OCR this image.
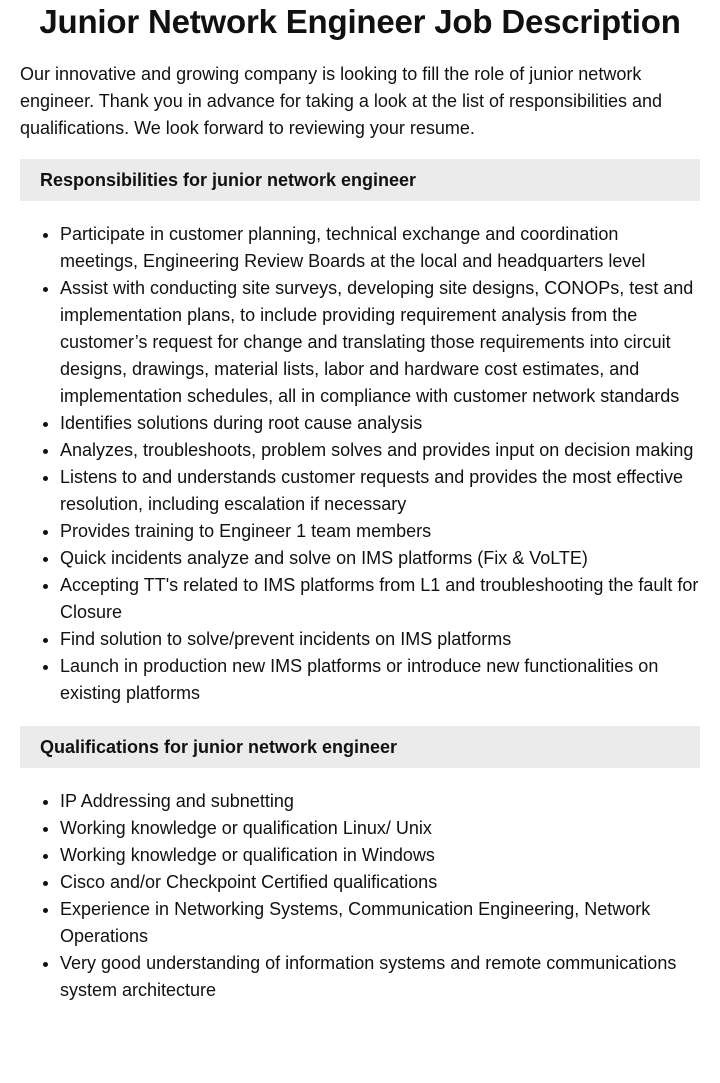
Junior Network Engineer Job Description

Our innovative and growing company is looking to fill the role of junior network engineer. Thank you in advance for taking a look at the list of responsibilities and qualifications. We look forward to reviewing your resume.

Responsibilities for junior network engineer
• Participate in customer planning, technical exchange and coordination meetings, Engineering Review Boards at the local and headquarters level
• Assist with conducting site surveys, developing site designs, CONOPs, test and implementation plans, to include providing requirement analysis from the customer’s request for change and translating those requirements into circuit designs, drawings, material lists, labor and hardware cost estimates, and implementation schedules, all in compliance with customer network standards
• Identifies solutions during root cause analysis
• Analyzes, troubleshoots, problem solves and provides input on decision making
• Listens to and understands customer requests and provides the most effective resolution, including escalation if necessary
• Provides training to Engineer 1 team members
• Quick incidents analyze and solve on IMS platforms (Fix & VoLTE)
• Accepting TT's related to IMS platforms from L1 and troubleshooting the fault for Closure
• Find solution to solve/prevent incidents on IMS platforms
• Launch in production new IMS platforms or introduce new functionalities on existing platforms
Qualifications for junior network engineer
• IP Addressing and subnetting
• Working knowledge or qualification Linux/ Unix
• Working knowledge or qualification in Windows
• Cisco and/or Checkpoint Certified qualifications
• Experience in Networking Systems, Communication Engineering, Network Operations
• Very good understanding of information systems and remote communications system architecture
